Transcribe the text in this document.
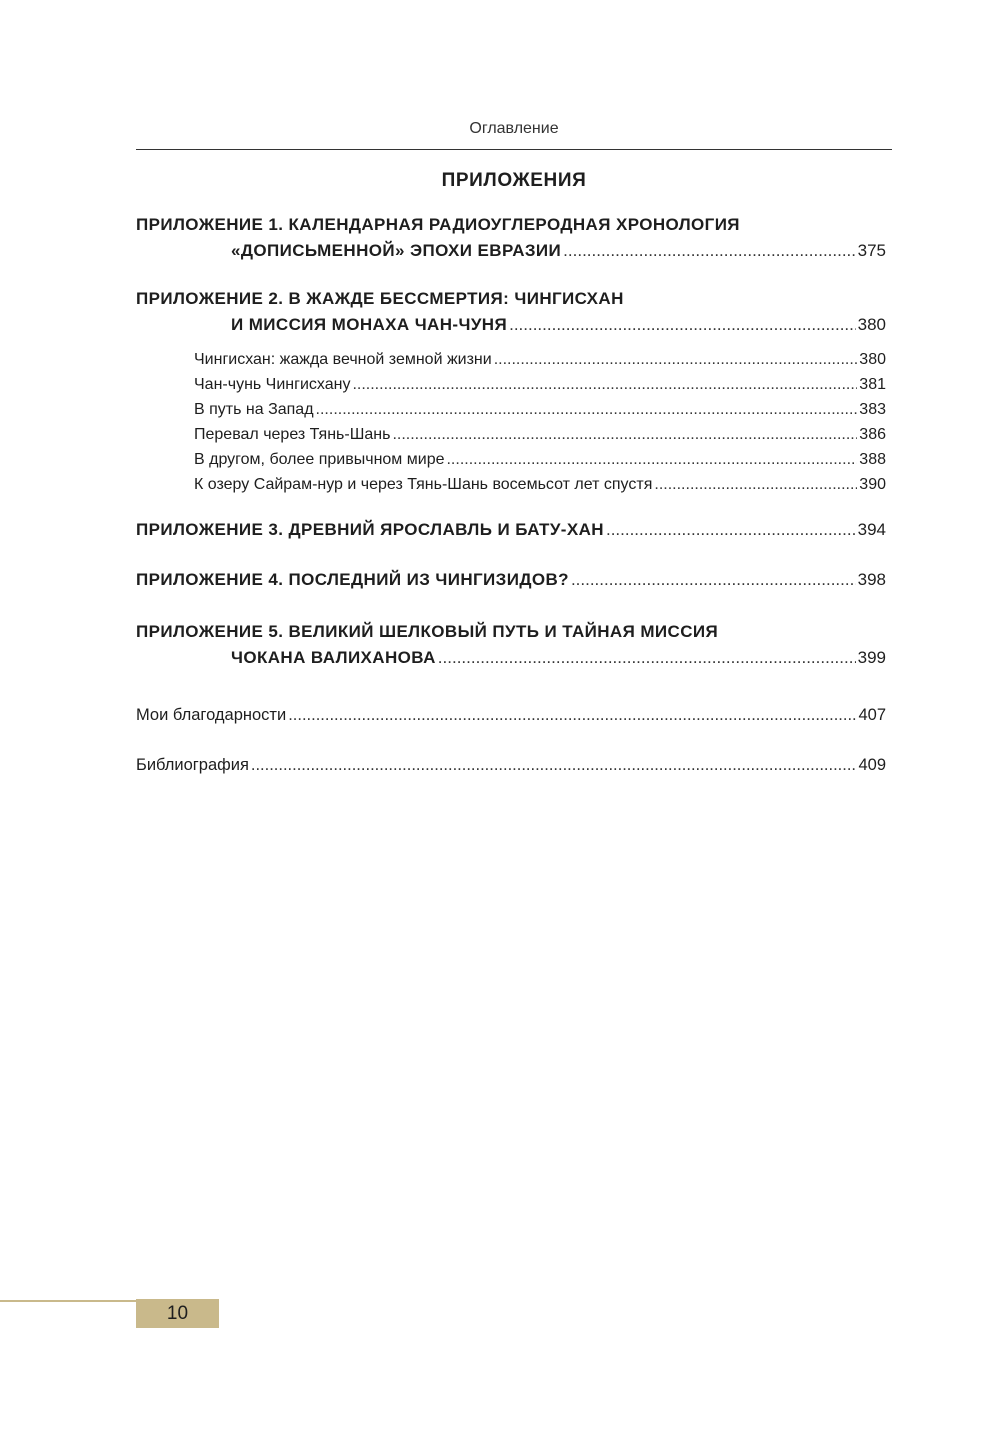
Оглавление
ПРИЛОЖЕНИЯ
ПРИЛОЖЕНИЕ 1. КАЛЕНДАРНАЯ РАДИОУГЛЕРОДНАЯ ХРОНОЛОГИЯ
«ДОПИСЬМЕННОЙ» ЭПОХИ ЕВРАЗИИ .....	375
ПРИЛОЖЕНИЕ 2. В ЖАЖДЕ БЕССМЕРТИЯ: ЧИНГИСХАН
И МИССИЯ МОНАХА ЧАН-ЧУНЯ .....	380
Чингисхан: жажда вечной земной жизни .....	380
Чан-чунь Чингисхану .....	381
В путь на Запад .....	383
Перевал через Тянь-Шань .....	386
В другом, более привычном мире .....	388
К озеру Сайрам-нур и через Тянь-Шань восемьсот лет спустя .....	390
ПРИЛОЖЕНИЕ 3. ДРЕВНИЙ ЯРОСЛАВЛЬ И БАТУ-ХАН .....	394
ПРИЛОЖЕНИЕ 4. ПОСЛЕДНИЙ ИЗ ЧИНГИЗИДОВ? .....	398
ПРИЛОЖЕНИЕ 5. ВЕЛИКИЙ ШЕЛКОВЫЙ ПУТЬ И ТАЙНАЯ МИССИЯ
ЧОКАНА ВАЛИХАНОВА .....	399
Мои благодарности .....	407
Библиография .....	409
10
